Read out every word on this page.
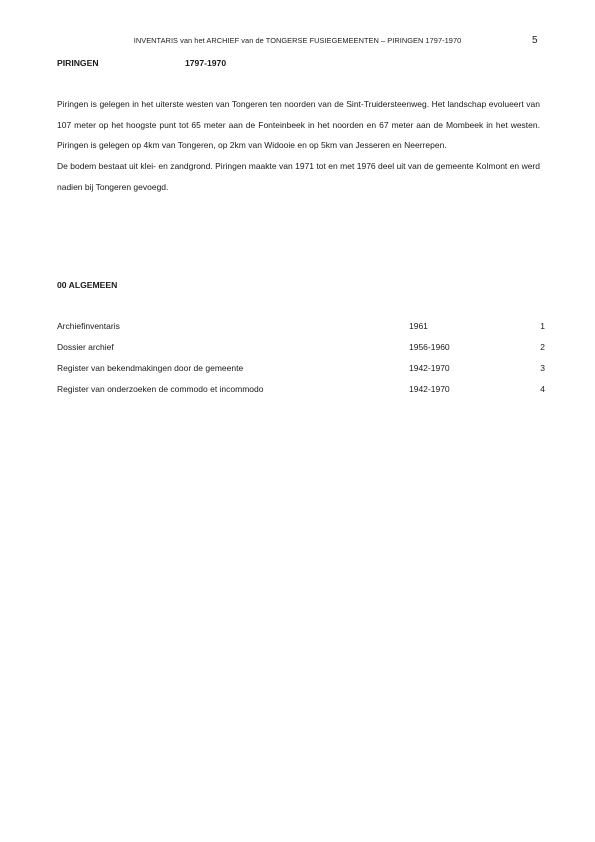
INVENTARIS van het ARCHIEF van de TONGERSE FUSIEGEMEENTEN – PIRINGEN 1797-1970	5
PIRINGEN	1797-1970

Piringen is gelegen in het uiterste westen van Tongeren ten noorden van de Sint-Truidersteenweg. Het landschap evolueert van 107 meter op het hoogste punt tot 65 meter aan de Fonteinbeek in het noorden en 67 meter aan de Mombeek in het westen. Piringen is gelegen op 4km van Tongeren, op 2km van Widooie en op 5km van Jesseren en Neerrepen.

De bodem bestaat uit klei- en zandgrond. Piringen maakte van 1971 tot en met 1976 deel uit van de gemeente Kolmont en werd nadien bij Tongeren gevoegd.

00 ALGEMEEN
Archiefinventaris	1961	1
Dossier archief	1956-1960	2
Register van bekendmakingen door de gemeente	1942-1970	3
Register van onderzoeken de commodo et incommodo	1942-1970	4
